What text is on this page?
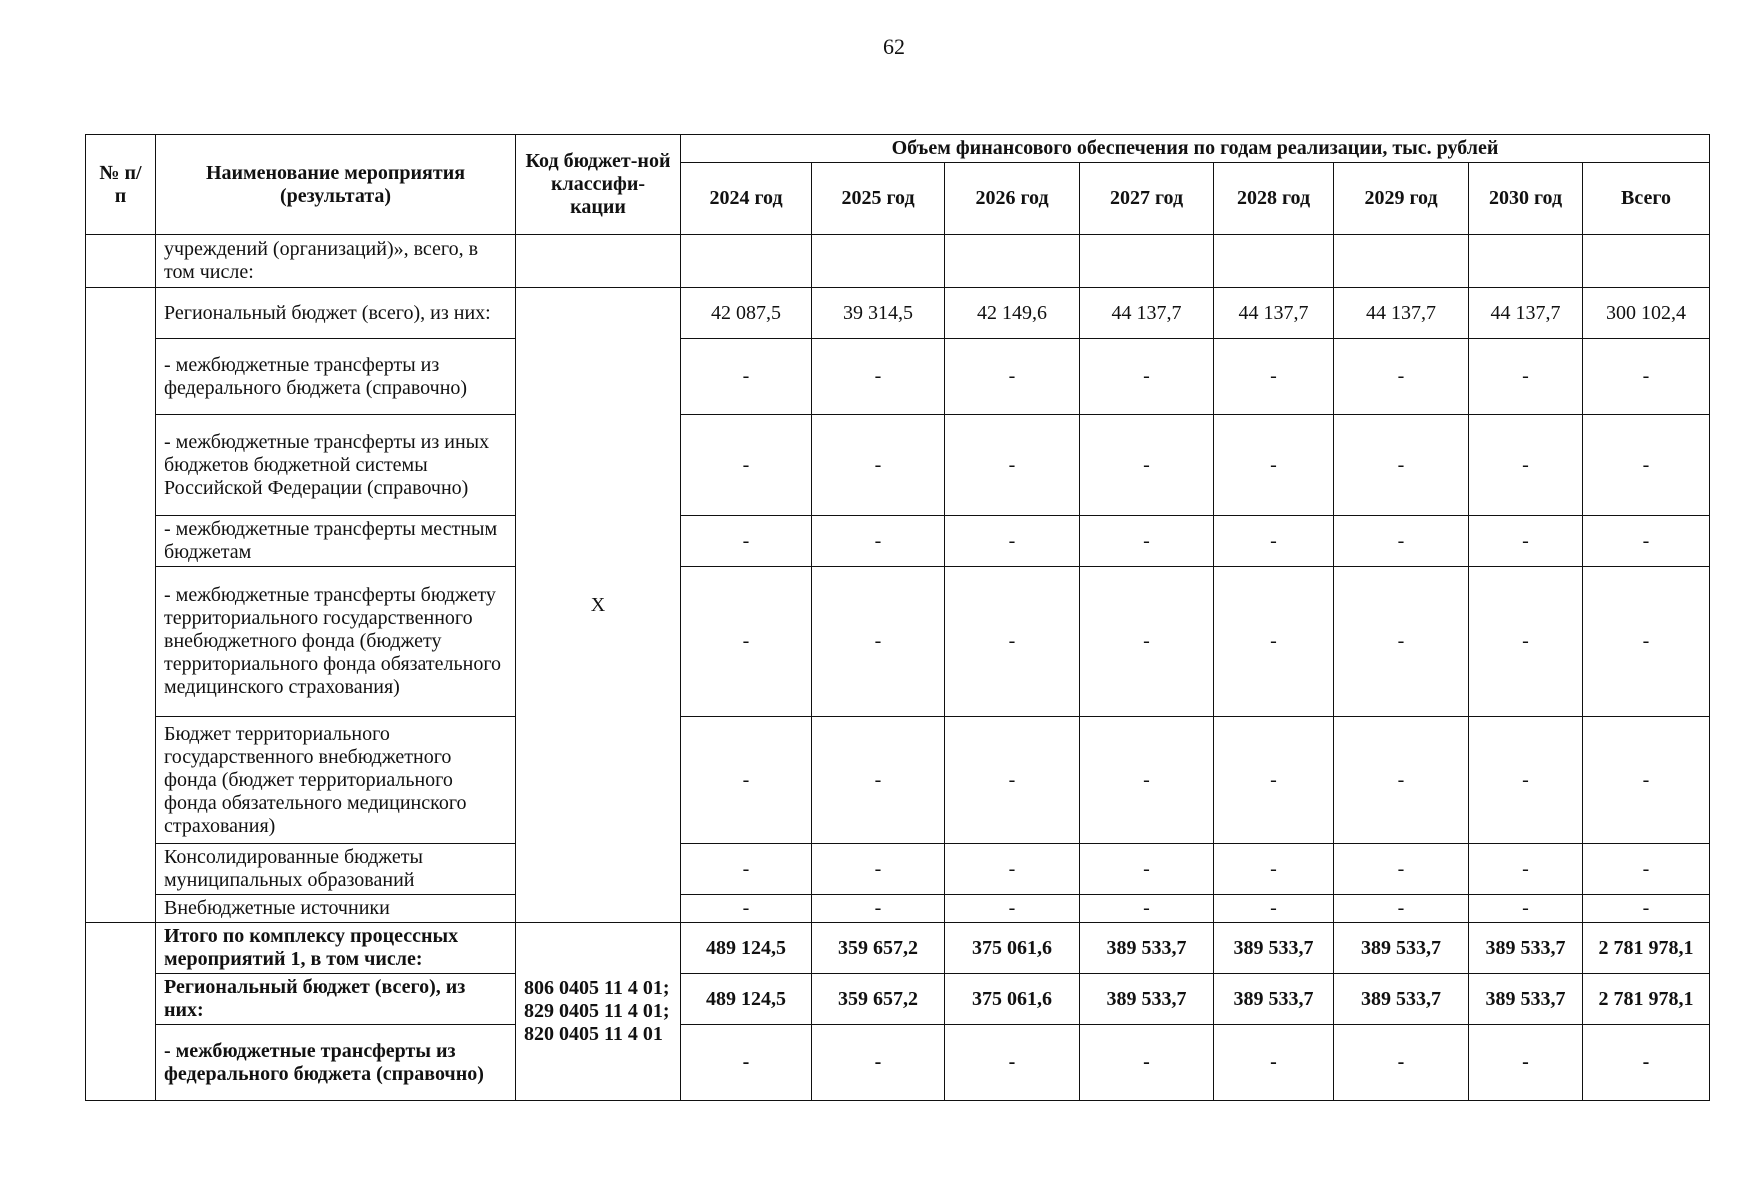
62
№ п/п	Наименование мероприятия (результата)	Код бюджет-ной классифи-кации	Объем финансового обеспечения по годам реализации, тыс. рублей							
			2024 год	2025 год	2026 год	2027 год	2028 год	2029 год	2030 год	Всего
	учреждений (организаций)», всего, в том числе:									
	Региональный бюджет (всего), из них:	Х	42 087,5	39 314,5	42 149,6	44 137,7	44 137,7	44 137,7	44 137,7	300 102,4
	- межбюджетные трансферты из федерального бюджета (справочно)		-	-	-	-	-	-	-	-
	- межбюджетные трансферты из иных бюджетов бюджетной системы Российской Федерации (справочно)		-	-	-	-	-	-	-	-
	- межбюджетные трансферты местным бюджетам		-	-	-	-	-	-	-	-
	- межбюджетные трансферты бюджету территориального государственного внебюджетного фонда (бюджету территориального фонда обязательного медицинского страхования)		-	-	-	-	-	-	-	-
	Бюджет территориального государственного внебюджетного фонда (бюджет территориального фонда обязательного медицинского страхования)		-	-	-	-	-	-	-	-
	Консолидированные бюджеты муниципальных образований		-	-	-	-	-	-	-	-
	Внебюджетные источники		-	-	-	-	-	-	-	-
	Итого по комплексу процессных мероприятий 1, в том числе:	806 0405 11 4 01; 829 0405 11 4 01; 820 0405 11 4 01	489 124,5	359 657,2	375 061,6	389 533,7	389 533,7	389 533,7	389 533,7	2 781 978,1
	Региональный бюджет (всего), из них:		489 124,5	359 657,2	375 061,6	389 533,7	389 533,7	389 533,7	389 533,7	2 781 978,1
	- межбюджетные трансферты из федерального бюджета (справочно)		-	-	-	-	-	-	-	-
